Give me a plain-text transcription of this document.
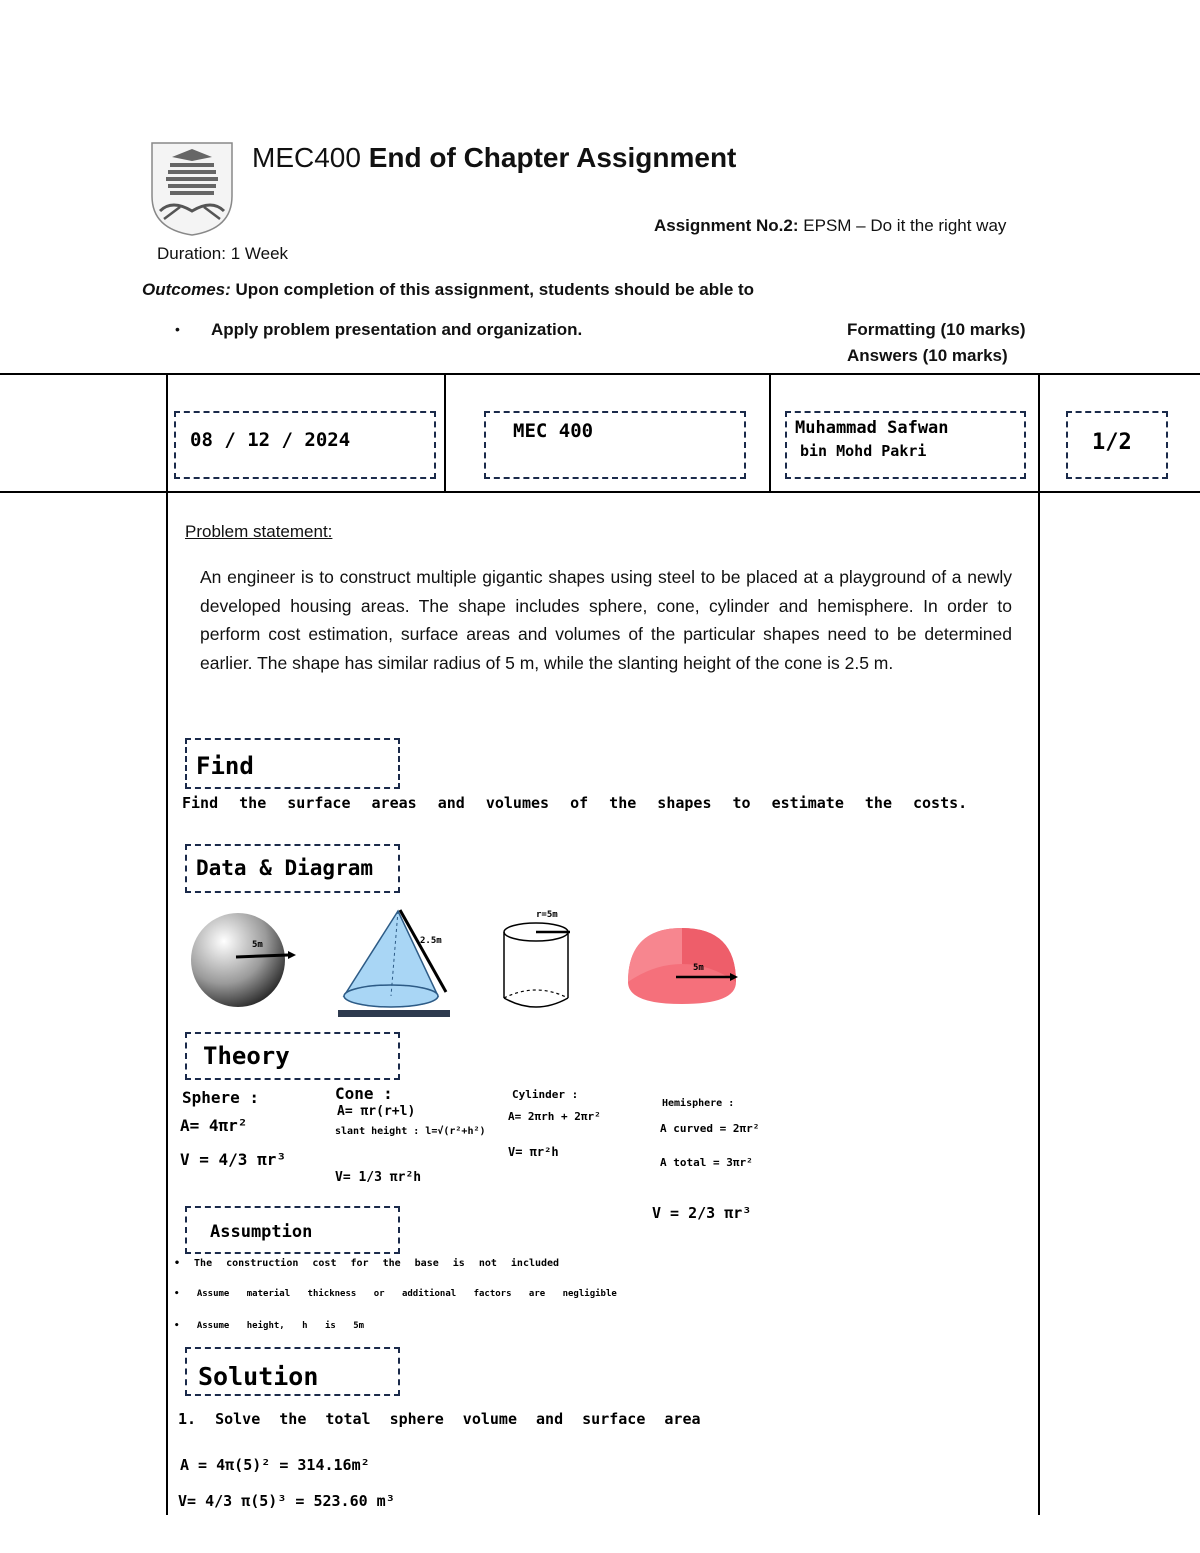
MEC400 End of Chapter Assignment
Assignment No.2: EPSM – Do it the right way
Duration: 1 Week
Outcomes: Upon completion of this assignment, students should be able to
• Apply problem presentation and organization.	Formatting (10 marks)
Answers (10 marks)
08 / 12 / 2024	MEC 400	Muhammad Safwan
bin Mohd Pakri	1/2
Problem statement:
An engineer is to construct multiple gigantic shapes using steel to be placed at a playground of a newly developed housing areas. The shape includes sphere, cone, cylinder and hemisphere. In order to perform cost estimation, surface areas and volumes of the particular shapes need to be determined earlier. The shape has similar radius of 5 m, while the slanting height of the cone is 2.5 m.
Find
Find the surface areas and volumes of the shapes to estimate the costs.
Data & Diagram
5m	2.5m
r=5m
5m
Theory
Sphere :
A= 4πr²
V = 4/3 πr³
Cone :
A= πr(r+l)
slant height : l=√(r²+h²)
V= 1/3 πr²h
Cylinder :
A= 2πrh + 2πr²
V= πr²h
Hemisphere :
A curved = 2πr²
A total = 3πr²
V = 2/3 πr³
Assumption
• The construction cost for the base is not included
• Assume material thickness or additional factors are negligible
• Assume height, h is 5m
Solution
1. Solve the total sphere volume and surface area
A = 4π(5)² = 314.16m²
V= 4/3 π(5)³ = 523.60 m³
